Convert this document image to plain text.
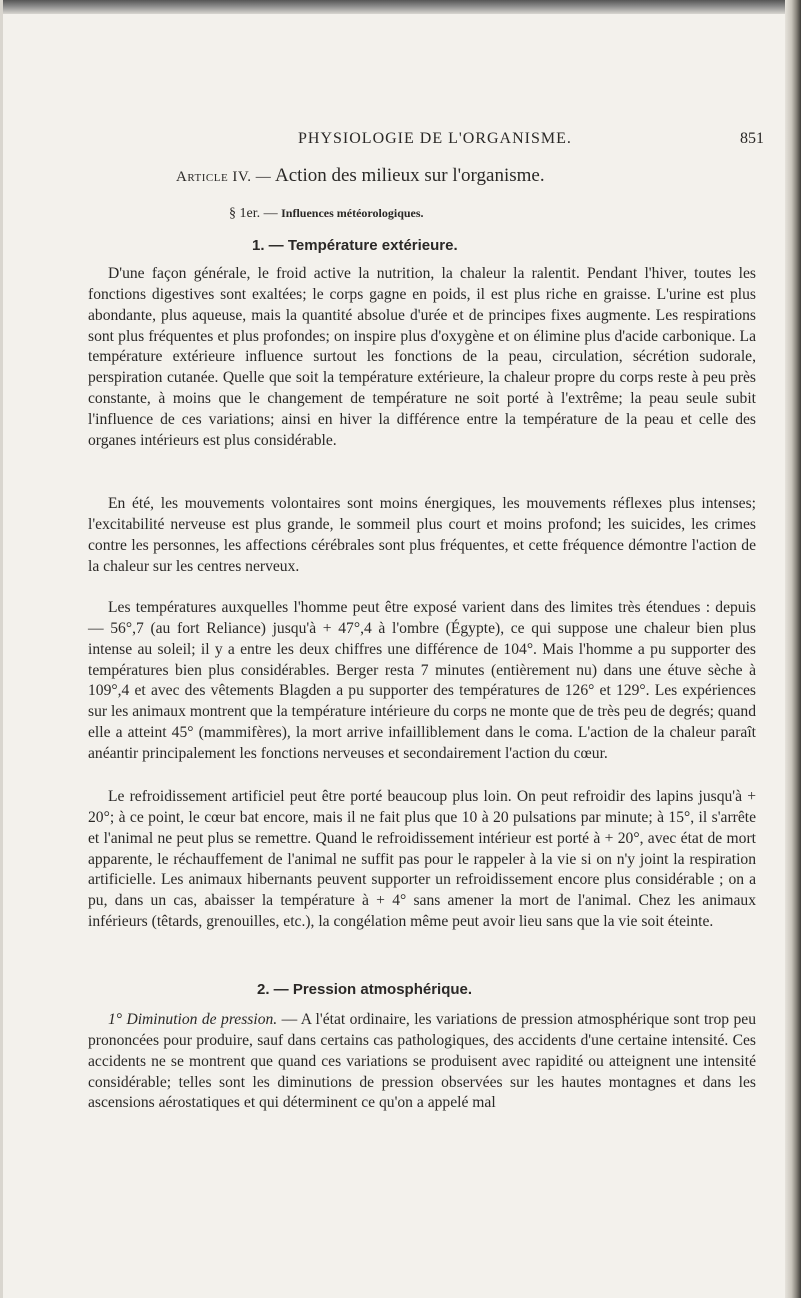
PHYSIOLOGIE DE L'ORGANISME.	851
Article IV. — Action des milieux sur l'organisme.
§ 1er. — Influences météorologiques.
1. — Température extérieure.

D'une façon générale, le froid active la nutrition, la chaleur la ralentit. Pendant l'hiver, toutes les fonctions digestives sont exaltées; le corps gagne en poids, il est plus riche en graisse. L'urine est plus abondante, plus aqueuse, mais la quantité absolue d'urée et de principes fixes augmente. Les respirations sont plus fréquentes et plus profondes; on inspire plus d'oxygène et on élimine plus d'acide carbonique. La température extérieure influence surtout les fonctions de la peau, circulation, sécrétion sudorale, perspiration cutanée. Quelle que soit la température extérieure, la chaleur propre du corps reste à peu près constante, à moins que le changement de température ne soit porté à l'extrême; la peau seule subit l'influence de ces variations; ainsi en hiver la différence entre la température de la peau et celle des organes intérieurs est plus considérable.

En été, les mouvements volontaires sont moins énergiques, les mouvements réflexes plus intenses; l'excitabilité nerveuse est plus grande, le sommeil plus court et moins profond; les suicides, les crimes contre les personnes, les affections cérébrales sont plus fréquentes, et cette fréquence démontre l'action de la chaleur sur les centres nerveux.

Les températures auxquelles l'homme peut être exposé varient dans des limites très étendues : depuis — 56°,7 (au fort Reliance) jusqu'à + 47°,4 à l'ombre (Égypte), ce qui suppose une chaleur bien plus intense au soleil; il y a entre les deux chiffres une différence de 104°. Mais l'homme a pu supporter des températures bien plus considérables. Berger resta 7 minutes (entièrement nu) dans une étuve sèche à 109°,4 et avec des vêtements Blagden a pu supporter des températures de 126° et 129°. Les expériences sur les animaux montrent que la température intérieure du corps ne monte que de très peu de degrés; quand elle a atteint 45° (mammifères), la mort arrive infailliblement dans le coma. L'action de la chaleur paraît anéantir principalement les fonctions nerveuses et secondairement l'action du cœur.

Le refroidissement artificiel peut être porté beaucoup plus loin. On peut refroidir des lapins jusqu'à + 20°; à ce point, le cœur bat encore, mais il ne fait plus que 10 à 20 pulsations par minute; à 15°, il s'arrête et l'animal ne peut plus se remettre. Quand le refroidissement intérieur est porté à + 20°, avec état de mort apparente, le réchauffement de l'animal ne suffit pas pour le rappeler à la vie si on n'y joint la respiration artificielle. Les animaux hibernants peuvent supporter un refroidissement encore plus considérable ; on a pu, dans un cas, abaisser la température à + 4° sans amener la mort de l'animal. Chez les animaux inférieurs (têtards, grenouilles, etc.), la congélation même peut avoir lieu sans que la vie soit éteinte.

2. — Pression atmosphérique.

1° Diminution de pression. — A l'état ordinaire, les variations de pression atmosphérique sont trop peu prononcées pour produire, sauf dans certains cas pathologiques, des accidents d'une certaine intensité. Ces accidents ne se montrent que quand ces variations se produisent avec rapidité ou atteignent une intensité considérable; telles sont les diminutions de pression observées sur les hautes montagnes et dans les ascensions aérostatiques et qui déterminent ce qu'on a appelé mal
